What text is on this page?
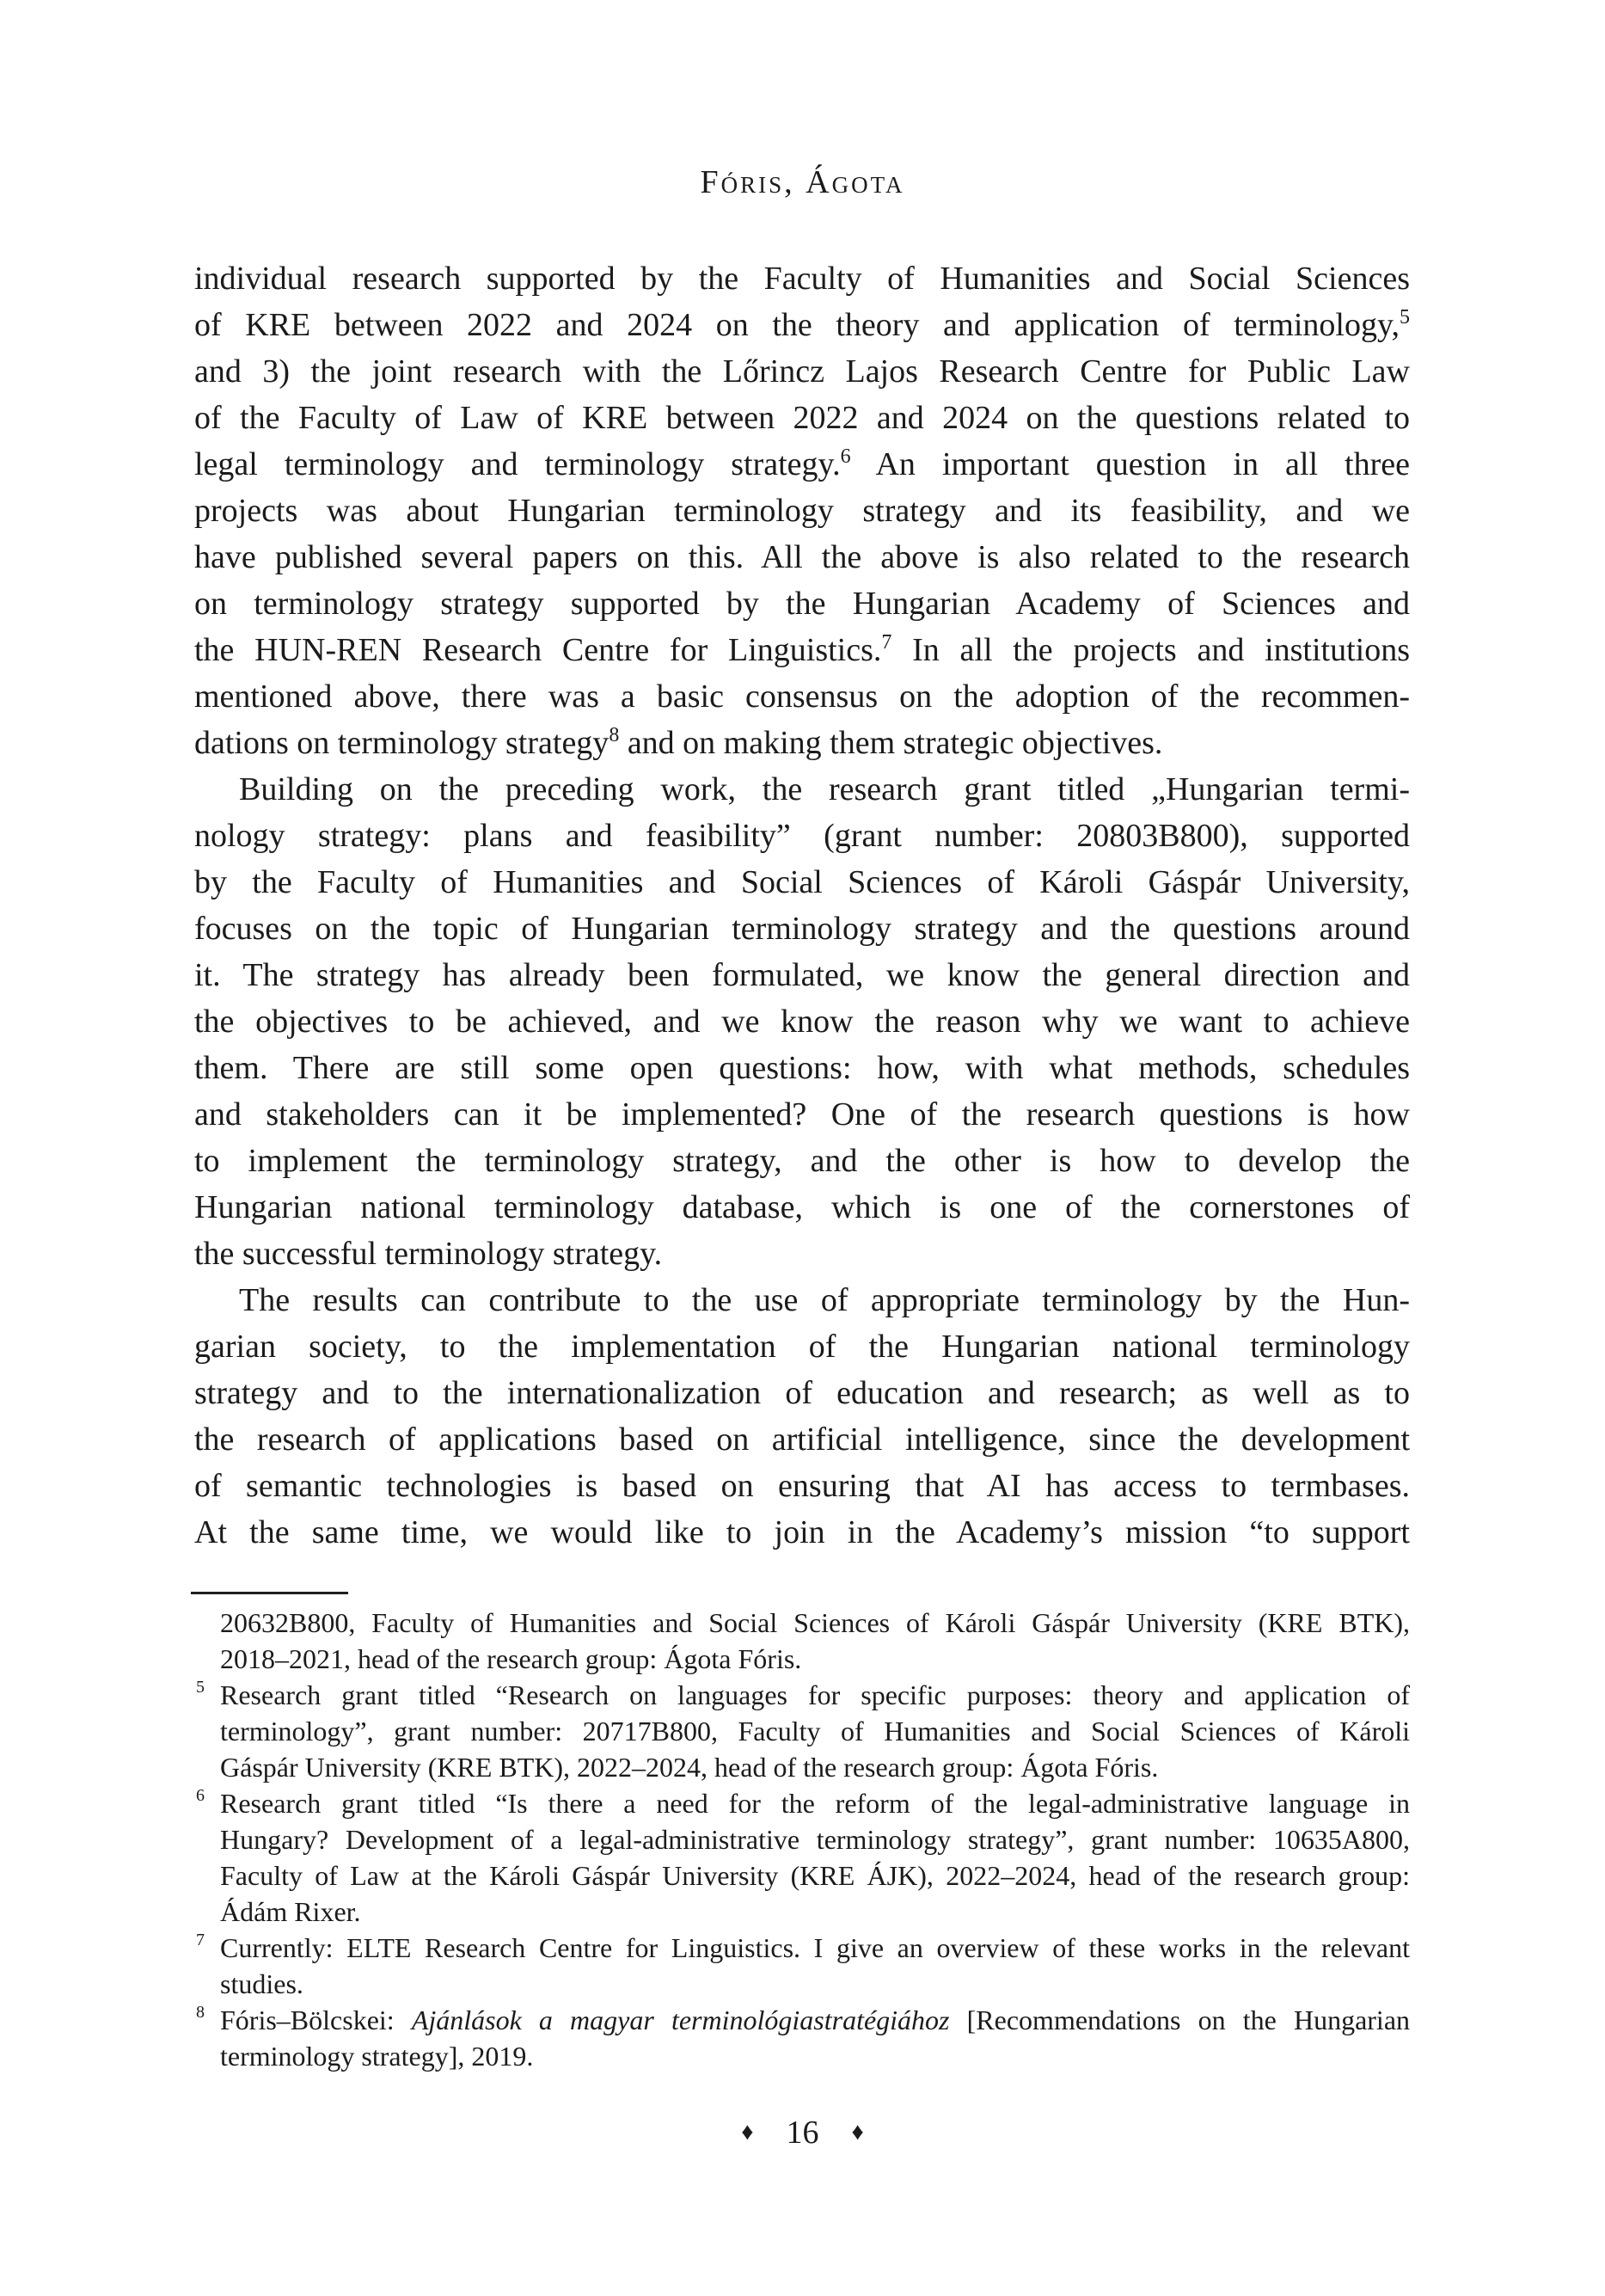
Fóris, Ágota
individual research supported by the Faculty of Humanities and Social Sciences
of KRE between 2022 and 2024 on the theory and application of terminology,$^5$
and 3) the joint research with the Lőrincz Lajos Research Centre for Public Law
of the Faculty of Law of KRE between 2022 and 2024 on the questions related to
legal terminology and terminology strategy.$^6$ An important question in all three
projects was about Hungarian terminology strategy and its feasibility, and we
have published several papers on this. All the above is also related to the research
on terminology strategy supported by the Hungarian Academy of Sciences and
the HUN-REN Research Centre for Linguistics.$^7$ In all the projects and institutions
mentioned above, there was a basic consensus on the adoption of the recommen-
dations on terminology strategy$^8$ and on making them strategic objectives.
Building on the preceding work, the research grant titled „Hungarian termi-
nology strategy: plans and feasibility” (grant number: 20803B800), supported
by the Faculty of Humanities and Social Sciences of Károli Gáspár University,
focuses on the topic of Hungarian terminology strategy and the questions around
it. The strategy has already been formulated, we know the general direction and
the objectives to be achieved, and we know the reason why we want to achieve
them. There are still some open questions: how, with what methods, schedules
and stakeholders can it be implemented? One of the research questions is how
to implement the terminology strategy, and the other is how to develop the
Hungarian national terminology database, which is one of the cornerstones of
the successful terminology strategy.
The results can contribute to the use of appropriate terminology by the Hun-
garian society, to the implementation of the Hungarian national terminology
strategy and to the internationalization of education and research; as well as to
the research of applications based on artificial intelligence, since the development
of semantic technologies is based on ensuring that AI has access to termbases.
At the same time, we would like to join in the Academy’s mission “to support
20632B800, Faculty of Humanities and Social Sciences of Károli Gáspár University (KRE BTK),
2018–2021, head of the research group: Ágota Fóris.
5 Research grant titled “Research on languages for specific purposes: theory and application of
terminology”, grant number: 20717B800, Faculty of Humanities and Social Sciences of Károli
Gáspár University (KRE BTK), 2022–2024, head of the research group: Ágota Fóris.
6 Research grant titled “Is there a need for the reform of the legal-administrative language in
Hungary? Development of a legal-administrative terminology strategy”, grant number: 10635A800,
Faculty of Law at the Károli Gáspár University (KRE ÁJK), 2022–2024, head of the research group:
Ádám Rixer.
7 Currently: ELTE Research Centre for Linguistics. I give an overview of these works in the relevant
studies.
8 Fóris–Bölcskei: Ajánlások a magyar terminológiastratégiához [Recommendations on the Hungarian
terminology strategy], 2019.
♦ 16 ♦
